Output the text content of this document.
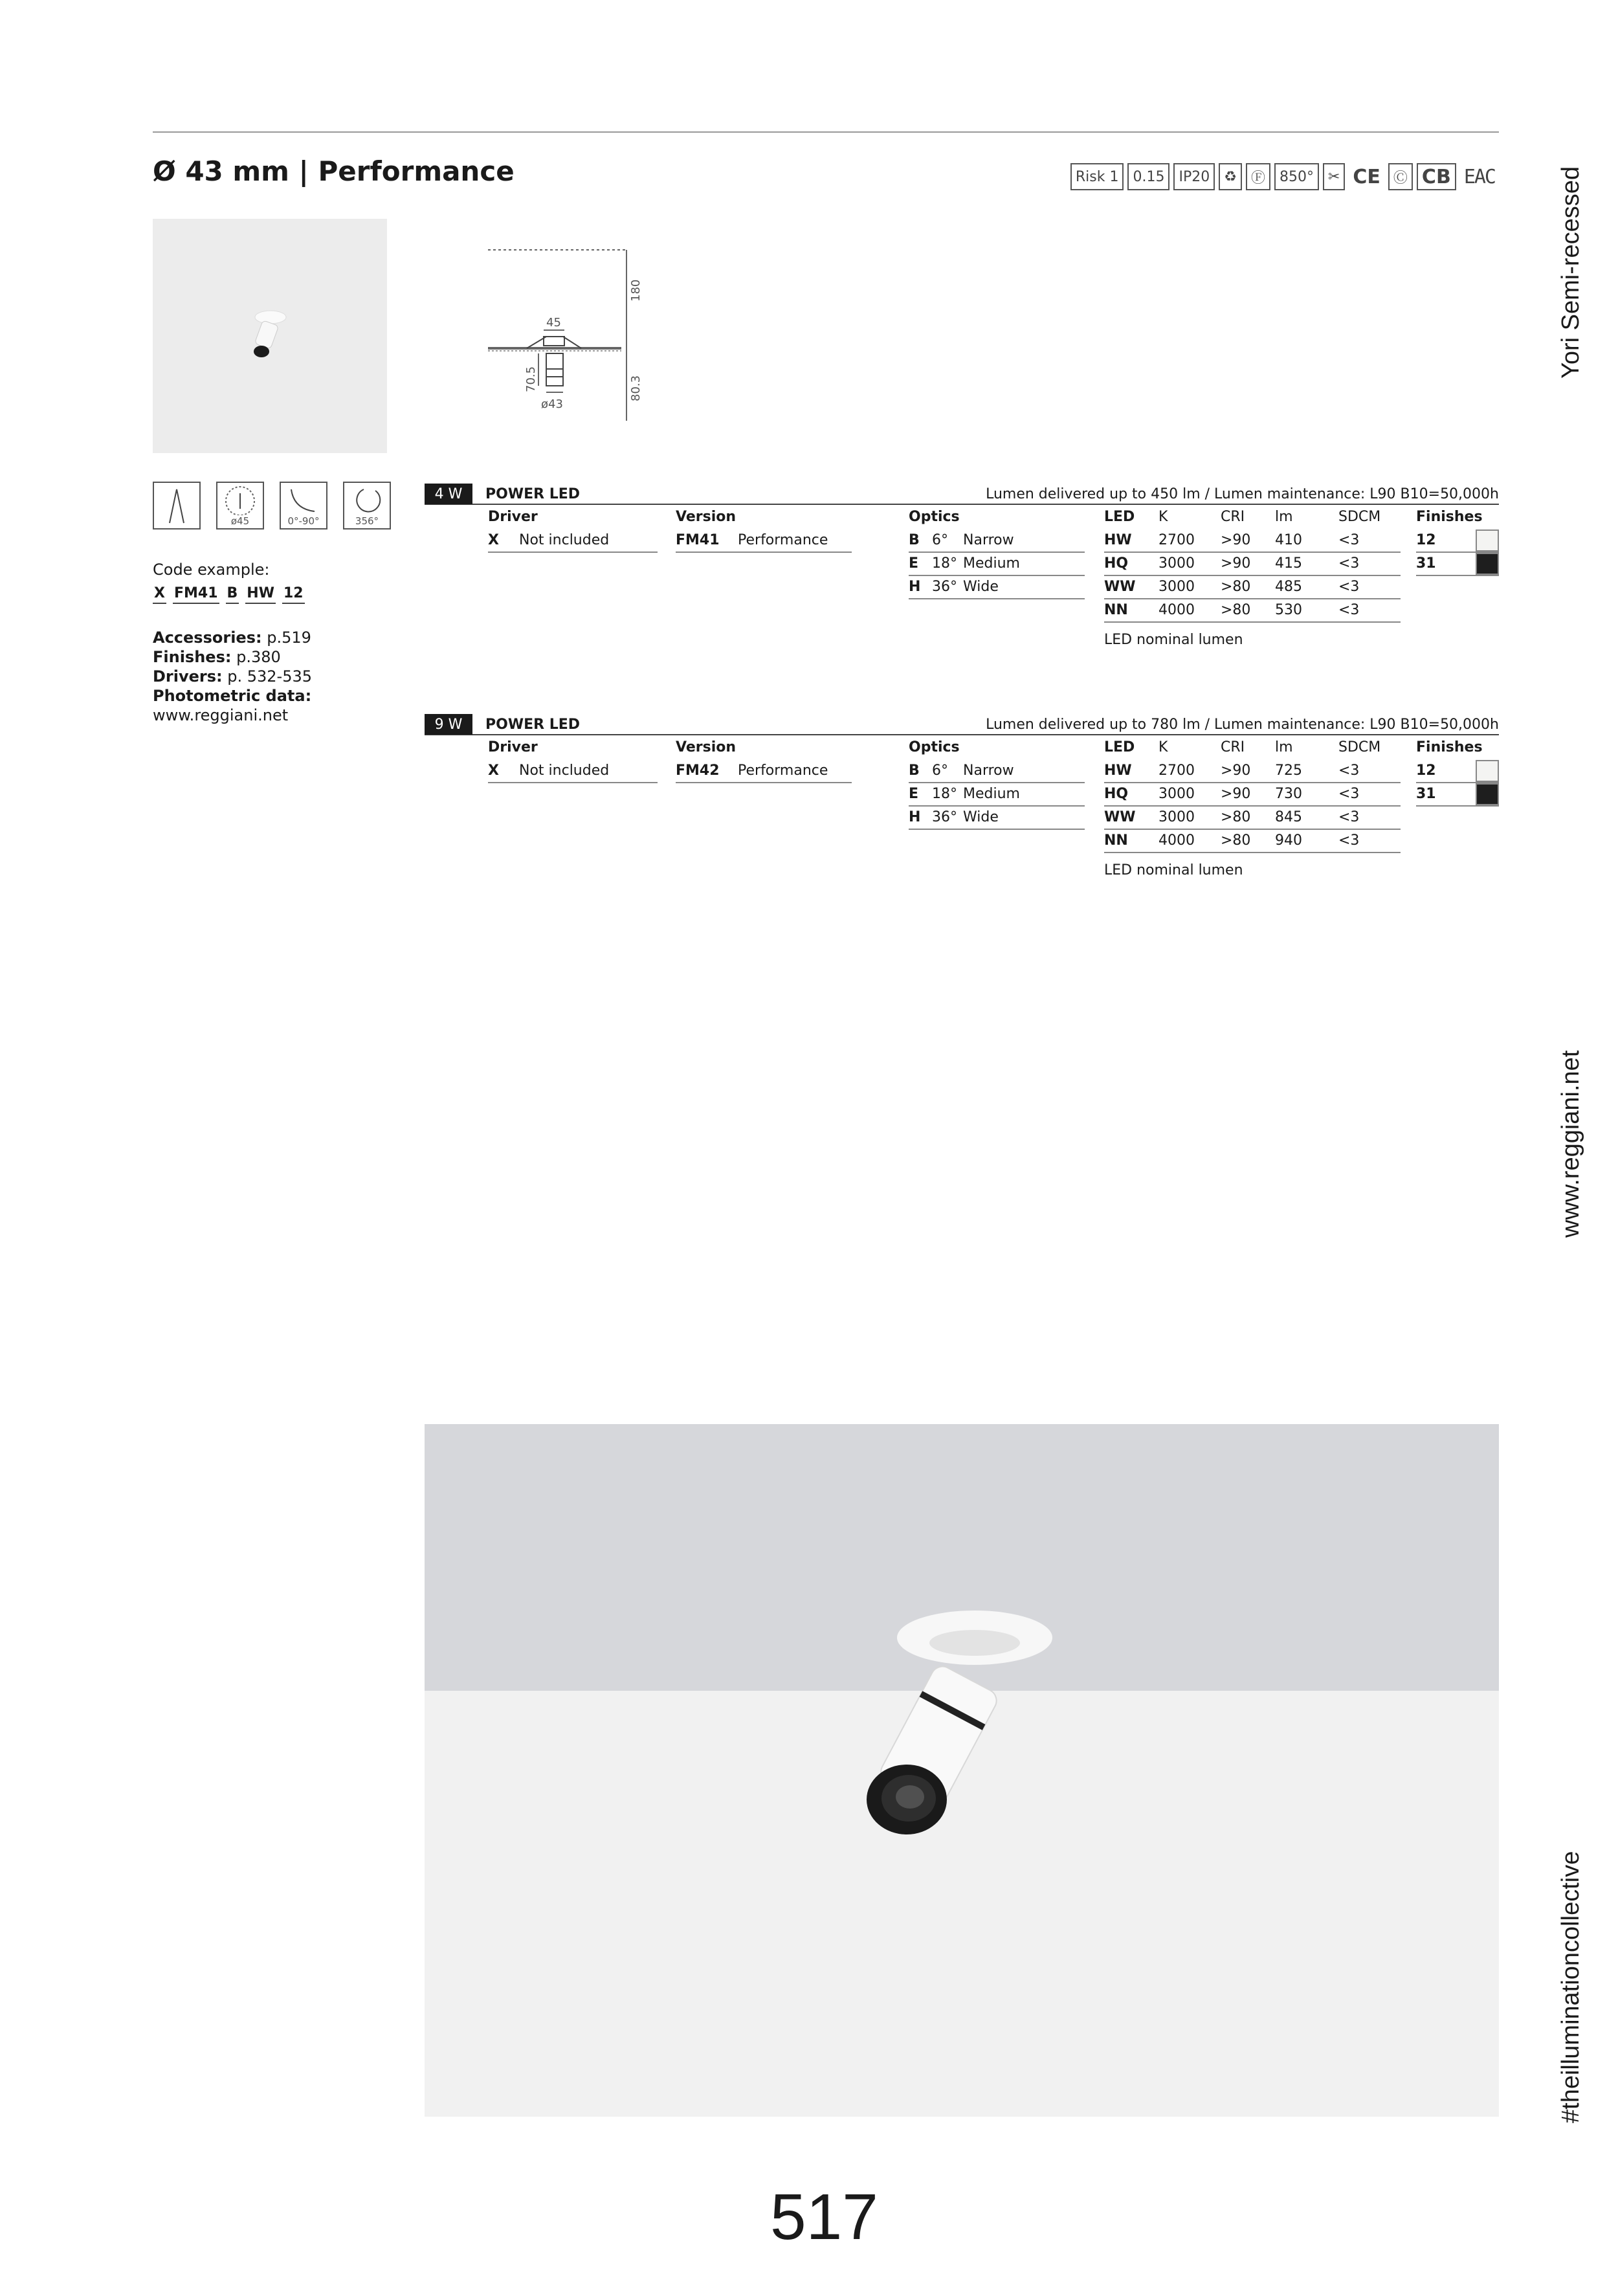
Ø 43 mm | Performance	Risk 1	0.15	IP20	♻	Ⓕ	850°	✂ CE Ⓒ CB EAC	Yori Semi-recessed
www.reggiani.net
#theilluminationcollective
180
45
70.5	80.3
ø43
ø45	0°-90°	356°
Code example:
X FM41 B HW 12
Accessories: p.519
Finishes: p.380
Drivers: p. 532-535
Photometric data:
www.reggiani.net
4 W	POWER LED	Lumen delivered up to 450 lm / Lumen maintenance: L90 B10=50,000h
Driver
X Not included
Version
FM41 Performance
Optics
B 6° Narrow
E 18° Medium
H 36° Wide
LED K	CRI lm	SDCM
HW 2700 >90 410	<3
HQ 3000 >90 415	<3
WW 3000 >80 485	<3
NN 4000 >80 530	<3
LED nominal lumen
Finishes
12
31
9 W	POWER LED	Lumen delivered up to 780 lm / Lumen maintenance: L90 B10=50,000h
Driver
X Not included
Version
FM42 Performance
Optics
B 6° Narrow
E 18° Medium
H 36° Wide
LED K	CRI lm	SDCM
HW 2700 >90 725	<3
HQ 3000 >90 730	<3
WW 3000 >80 845	<3
NN 4000 >80 940	<3
LED nominal lumen
Finishes
12
31
517
